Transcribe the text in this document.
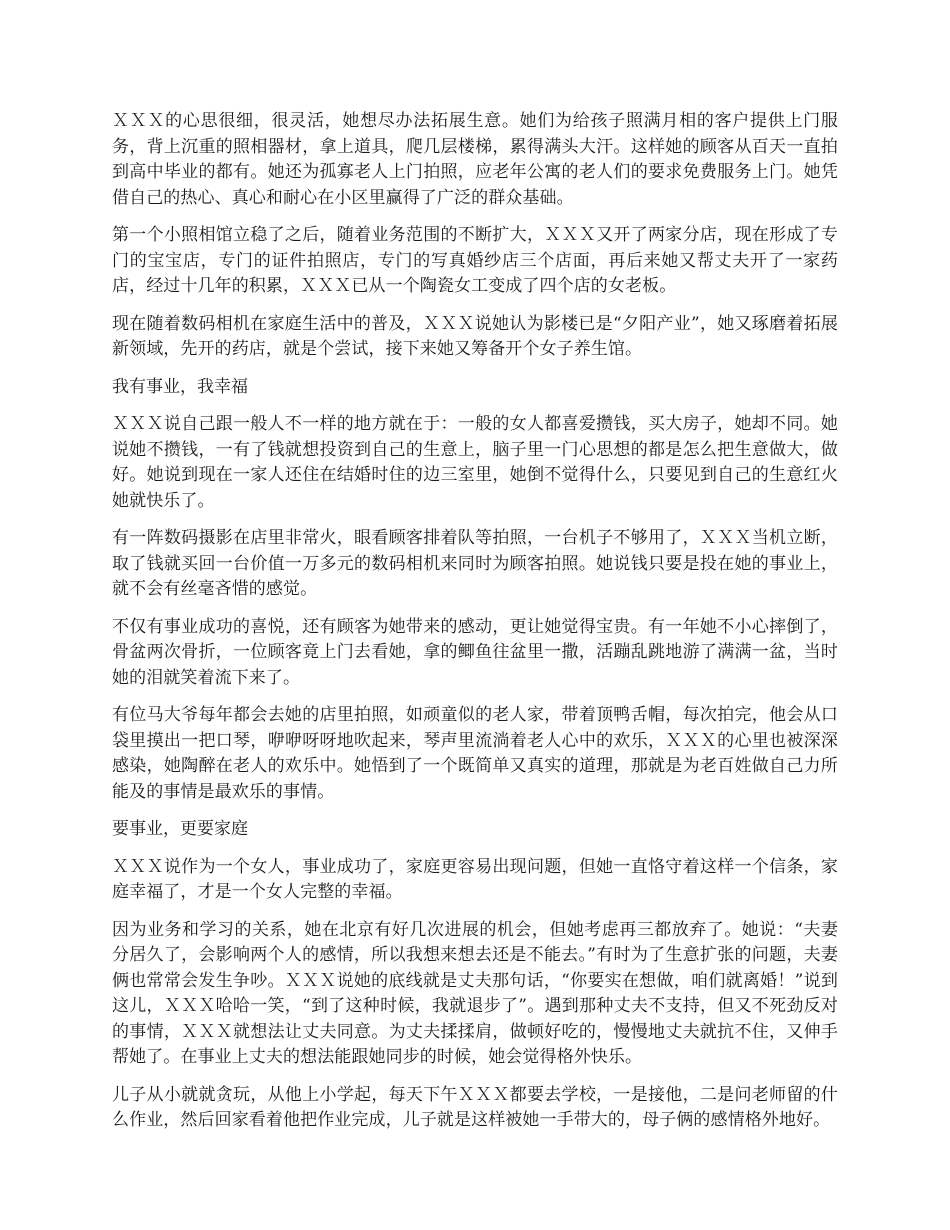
ＸＸＸ的心思很细，很灵活，她想尽办法拓展生意。她们为给孩子照满月相的客户提供上门服务，背上沉重的照相器材，拿上道具，爬几层楼梯，累得满头大汗。这样她的顾客从百天一直拍到高中毕业的都有。她还为孤寡老人上门拍照，应老年公寓的老人们的要求免费服务上门。她凭借自己的热心、真心和耐心在小区里赢得了广泛的群众基础。

第一个小照相馆立稳了之后，随着业务范围的不断扩大，ＸＸＸ又开了两家分店，现在形成了专门的宝宝店，专门的证件拍照店，专门的写真婚纱店三个店面，再后来她又帮丈夫开了一家药店，经过十几年的积累，ＸＸＸ已从一个陶瓷女工变成了四个店的女老板。

现在随着数码相机在家庭生活中的普及，ＸＸＸ说她认为影楼已是“夕阳产业”，她又琢磨着拓展新领域，先开的药店，就是个尝试，接下来她又筹备开个女子养生馆。

我有事业，我幸福

ＸＸＸ说自己跟一般人不一样的地方就在于：一般的女人都喜爱攒钱，买大房子，她却不同。她说她不攒钱，一有了钱就想投资到自己的生意上，脑子里一门心思想的都是怎么把生意做大，做好。她说到现在一家人还住在结婚时住的边三室里，她倒不觉得什么，只要见到自己的生意红火她就快乐了。

有一阵数码摄影在店里非常火，眼看顾客排着队等拍照，一台机子不够用了，ＸＸＸ当机立断，取了钱就买回一台价值一万多元的数码相机来同时为顾客拍照。她说钱只要是投在她的事业上，就不会有丝毫吝惜的感觉。

不仅有事业成功的喜悦，还有顾客为她带来的感动，更让她觉得宝贵。有一年她不小心摔倒了，骨盆两次骨折，一位顾客竟上门去看她，拿的鲫鱼往盆里一撒，活蹦乱跳地游了满满一盆，当时她的泪就笑着流下来了。

有位马大爷每年都会去她的店里拍照，如顽童似的老人家，带着顶鸭舌帽，每次拍完，他会从口袋里摸出一把口琴，咿咿呀呀地吹起来，琴声里流淌着老人心中的欢乐，ＸＸＸ的心里也被深深感染，她陶醉在老人的欢乐中。她悟到了一个既简单又真实的道理，那就是为老百姓做自己力所能及的事情是最欢乐的事情。

要事业，更要家庭

ＸＸＸ说作为一个女人，事业成功了，家庭更容易出现问题，但她一直恪守着这样一个信条，家庭幸福了，才是一个女人完整的幸福。

因为业务和学习的关系，她在北京有好几次进展的机会，但她考虑再三都放弃了。她说：“夫妻分居久了，会影响两个人的感情，所以我想来想去还是不能去。”有时为了生意扩张的问题，夫妻俩也常常会发生争吵。ＸＸＸ说她的底线就是丈夫那句话，“你要实在想做，咱们就离婚！”说到这儿，ＸＸＸ哈哈一笑，“到了这种时候，我就退步了”。遇到那种丈夫不支持，但又不死劲反对的事情，ＸＸＸ就想法让丈夫同意。为丈夫揉揉肩，做顿好吃的，慢慢地丈夫就抗不住，又伸手帮她了。在事业上丈夫的想法能跟她同步的时候，她会觉得格外快乐。

儿子从小就就贪玩，从他上小学起，每天下午ＸＸＸ都要去学校，一是接他，二是问老师留的什么作业，然后回家看着他把作业完成，儿子就是这样被她一手带大的，母子俩的感情格外地好。
